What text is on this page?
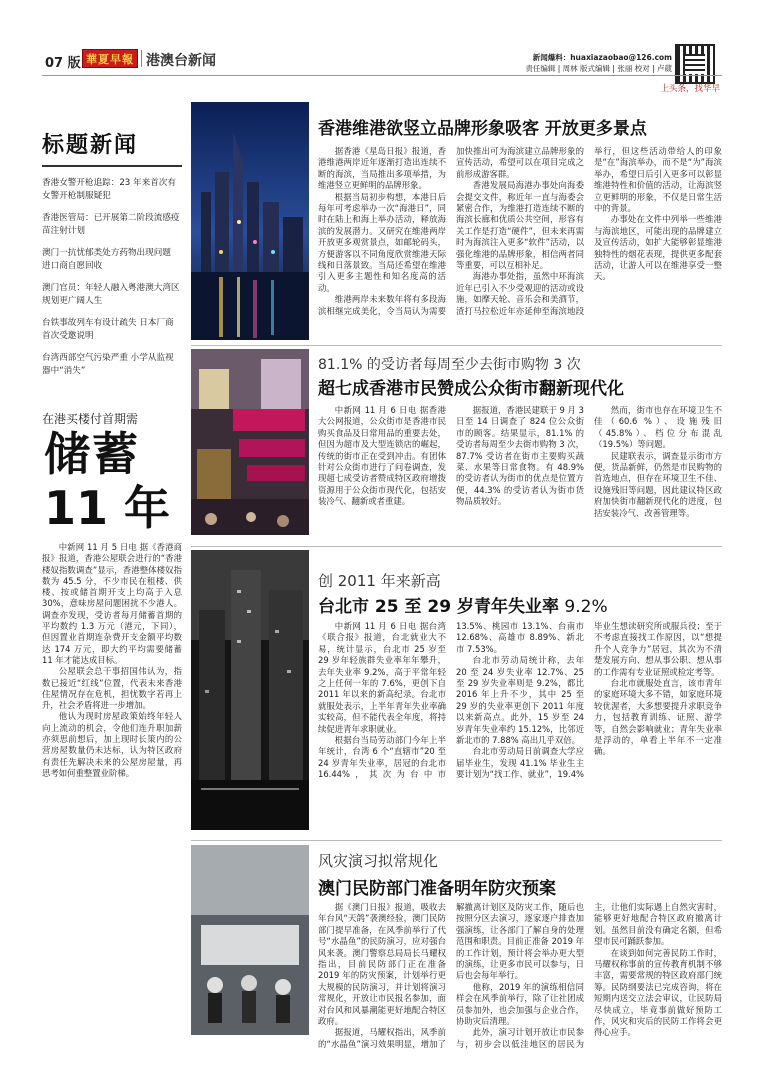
07 版 華夏早報 港澳台新闻	新闻爆料：huaxiazaobao@126.com
责任编辑 | 周林 版式编辑 | 张丽 校对 | 卢葳
上头条，找华早
标题新闻
香港女警开枪追踪：23 年来首次有女警开枪制服疑犯
香港医管局：已开展第二阶段流感疫苗注射计划
澳门一抗忧郁类处方药物出现问题 进口商自愿回收
澳门官员：年轻人融入粤港澳大湾区 规划更广阔人生
台铁事故列车有设计疏失 日本厂商首次受邀说明
台湾西部空气污染严重 小学从监视器中“消失”
在港买楼付首期需
储蓄
11 年

中新网 11 月 5 日电 据《香港商报》报道，香港公屋联会进行的“香港楼奴指数调查”显示，香港整体楼奴指数为 45.5 分，不少市民在租楼、供楼、按或储首期开支上均高于入息 30%，意味房屋问题困扰不少港人。调查亦发现，受访者每月储蓄首期的平均数约 1.3 万元（港元，下同），但因置业首期连杂费开支金额平均数达 174 万元，即大约平均需要储蓄 11 年才能达成目标。

公屋联会总干事招国伟认为，指数已接近“红线”位置，代表未来香港住屋情况存在危机，担忧数字若再上升，社会矛盾将进一步增加。

他认为现时房屋政策始终年轻人向上流动的机会，令他们连升职加薪亦须思前想后，加上现时长策内的公营房屋数量仍未达标，认为特区政府有责任先解决未来的公屋房屋量，再思考如何重整置业阶梯。

香港维港欲竖立品牌形象吸客 开放更多景点

据香港《星岛日报》报道，香港维港两岸近年逐渐打造出连续不断的海滨，当局推出多项举措，为维港竖立更鲜明的品牌形象。

根据当局初步构想，本港日后每年可考虑举办一次“海港日”，同时在陆上和海上举办活动，释放海滨的发展潜力。又研究在维港两岸开放更多观赏景点，如邮轮码头，方便游客以不同角度欣赏维港天际线和日落景致。当局还希望在维港引入更多主题性和知名度高的活动。

维港两岸未来数年将有多段海滨相继完成美化，令当局认为需要加快推出可为海滨建立品牌形象的宣传活动，希望可以在项目完成之前形成游客群。

香港发展局海港办事处向海委会提交文件，称近年一直与海委会紧密合作，为维港打造连续不断的海滨长廊和优质公共空间，形容有关工作是打造“硬件”，但未来再需时为海滨注入更多“软件”活动，以强化维港的品牌形象，相信两者同等重要，可以互相补足。

海港办事处指，虽然中环海滨近年已引入不少受观迎的活动或设施，如摩天轮、音乐会和美酒节，渣打马拉松近年亦延伸至海滨地段举行，但这些活动带给人的印象是“在”海滨举办，而不是“为”海滨举办，希望日后引入更多可以彰显维港特性和价值的活动，让海滨竖立更鲜明的形象，不仅是日常生活中的背景。

办事处在文件中列举一些维港与海滨地区，可能出现的品牌建立及宣传活动，如扩大能够彰显维港独特性的烟花表现，提供更多配套活动，让游人可以在维港享受一整天。

81.1% 的受访者每周至少去街市购物 3 次
超七成香港市民赞成公众街市翻新现代化

中新网 11 月 6 日电 据香港大公网报道，公众街市是香港市民购买食品及日常用品的重要去处，但因为超市及大型连锁店的崛起，传统的街市正在受到冲击。有团体针对公众街市进行了问卷调查，发现超七成受访者赞成特区政府增拨资源用于公众街市现代化，包括安装冷气、翻新或者重建。

据报道，香港民建联于 9 月 3 日至 14 日调查了 824 位公众街市的顾客。结果显示，81.1% 的受访者每周至少去街市购物 3 次，87.7% 受访者在街市主要购买蔬菜、水果等日常食物。有 48.9% 的受访者认为街市的优点是位置方便，44.3% 的受访者认为街市货物品质较好。

然而，街市也存在环境卫生不佳（60.6 %）、设施残旧（45.8%）、档位分布混乱（19.5%）等问题。

民建联表示，调查显示街市方便，货品新鲜，仍然是市民购物的首选地点，但存在环境卫生不佳、设施残旧等问题，因此建议特区政府加快街市翻新现代化的进度，包括安装冷气、改善管理等。

创 2011 年来新高
台北市 25 至 29 岁青年失业率 9.2%

中新网 11 月 6 日电 据台湾《联合报》报道，台北就业大不易，统计显示，台北市 25 岁至 29 岁年轻族群失业率年年攀升，去年失业率 9.2%，高于平常年轻之上任何一年的 7.6%，更创下自 2011 年以来的新高纪录。台北市就服处表示，上半年青年失业率确实较高，但不能代表全年度，将持续促进青年求职就业。

根据台当局劳动部门今年上半年统计，台湾 6 个“直辖市”20 至 24 岁青年失业率，居冠的台北市 16.44%，其次为台中市 13.5%、桃园市 13.1%、台南市 12.68%、高雄市 8.89%、新北市 7.53%。

台北市劳动局统计称，去年 20 至 24 岁失业率 12.7%、25 至 29 岁失业率则是 9.2%，都比 2016 年上升不少，其中 25 至 29 岁的失业率更创下 2011 年度以来新高点。此外，15 岁至 24 岁青年失业率约 15.12%，比邻近新北市的 7.88% 高出几乎双倍。

台北市劳动局日前调查大学应届毕业生，发现 41.1% 毕业生主要计划为“找工作、就业”，19.4% 毕业生想读研究所或服兵役；至于不考虑直接找工作原因，以“想提升个人竞争力”居冠，其次为不清楚发展方向、想从事公职、想从事的工作需有专业证照或检定考等。

台北市就服处直言，该市青年的家庭环境大多不错，如家庭环境较优渥者，大多想要提升求职竞争力，包括教育训练、证照、游学等，自然会影响就业；青年失业率是浮动的，单看上半年不一定准确。

风灾演习拟常规化
澳门民防部门准备明年防灾预案

据《澳门日报》报道，吸收去年台风“天鸽”袭澳经验，澳门民防部门提早准备，在风季前举行了代号“水晶鱼”的民防演习，应对强台风来袭。澳门警察总局局长马耀权指出，目前民防部门正在准备 2019 年的防灾预案，计划举行更大规模的民防演习，并计划将演习常规化，开放让市民报名参加，面对台风和风暴潮能更好地配合特区政府。

据报道，马耀权指出，风季前的“水晶鱼”演习效果明显，增加了解撤离计划区及防灾工作，随后也按照分区去演习，逐家逐户排查加强演练，让各部门了解自身的处理范围和职责。目前正准备 2019 年的工作计划，预计将会举办更大型的演练，让更多市民可以参与，日后也会每年举行。

他称，2019 年的演练相信同样会在风季前举行，除了让社团成员参加外，也会加强与企业合作，协助灾后清理。

此外，演习计划开放让市民参与，初步会以低洼地区的居民为主，让他们实际遇上自然灾害时，能够更好地配合特区政府撤离计划。虽然目前没有确定名额，但希望市民可踊跃参加。

在谈到如何完善民防工作时，马耀权称事前的宣传教育机制不够丰富，需要常规的特区政府部门统筹。民防纲要法已完成咨询，将在短期内送交立法会审议，让民防局尽快成立，毕竟事前做好预防工作，风灾和灾后的民防工作将会更得心应手。
